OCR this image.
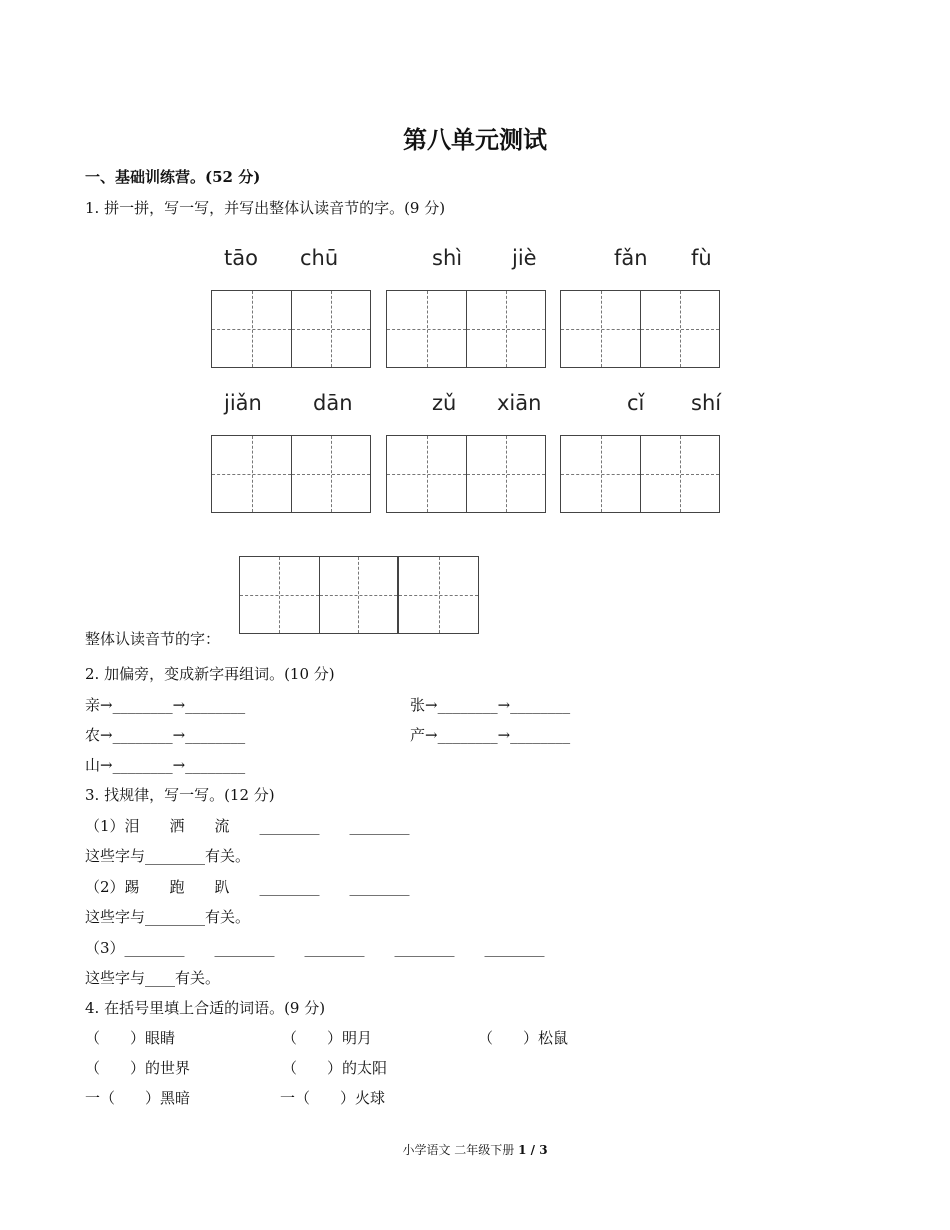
第八单元测试
一、基础训练营。(52 分)
1. 拼一拼，写一写，并写出整体认读音节的字。(9 分)
tāo chū	shì jiè	fǎn fù
jiǎn dān	zǔ xiān	cǐ shí
整体认读音节的字：
2. 加偏旁，变成新字再组词。(10 分)
亲→________→________	张→________→________
农→________→________	产→________→________
山→________→________
3. 找规律，写一写。(12 分)
（1）泪　　洒　　流　　________　　________
这些字与________有关。
（2）踢　　跑　　趴　　________　　________
这些字与________有关。
（3）________　　________　　________　　________　　________
这些字与____有关。
4. 在括号里填上合适的词语。(9 分)
（　　）眼睛	（　　）明月	（　　）松鼠
（　　）的世界	（　　）的太阳
一（　　）黑暗	一（　　）火球
小学语文 二年级下册 1 / 3
